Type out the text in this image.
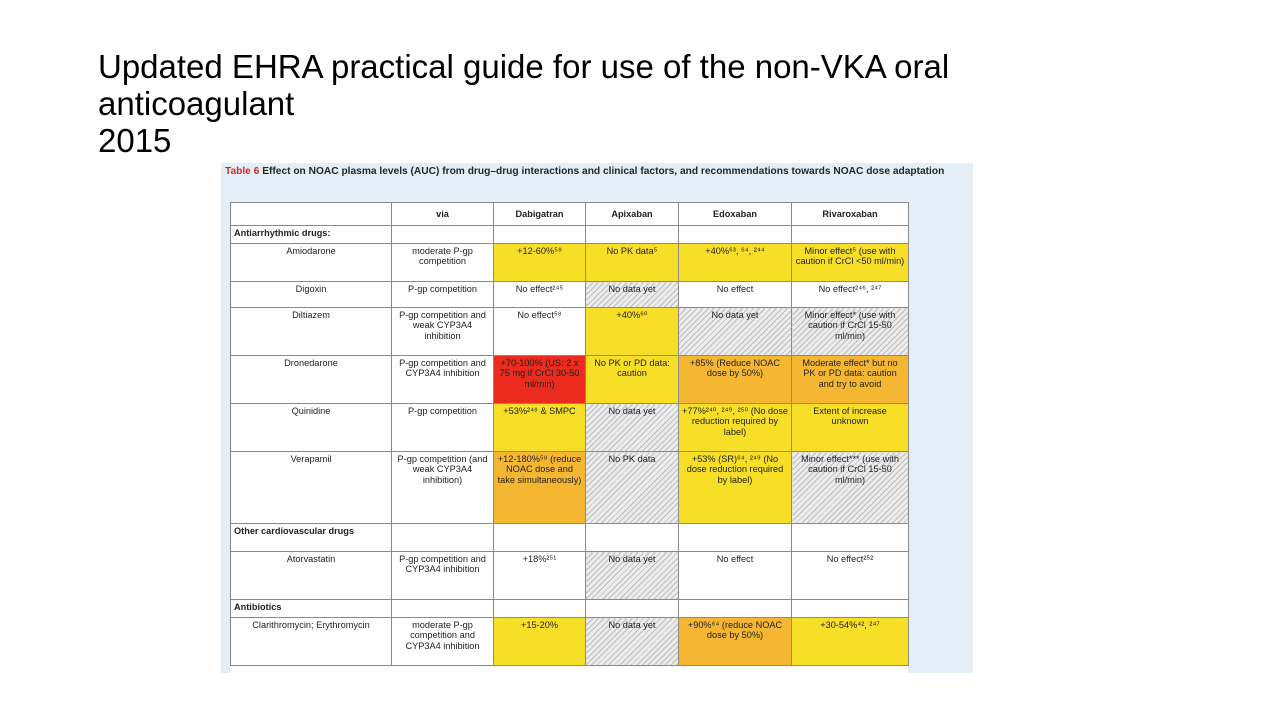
Updated EHRA practical guide for use of the non-VKA oral
anticoagulant
2015
Table 6 Effect on NOAC plasma levels (AUC) from drug–drug interactions and clinical factors, and recommendations towards NOAC dose adaptation
	via	Dabigatran	Apixaban	Edoxaban	Rivaroxaban
Antiarrhythmic drugs:					
Amiodarone	moderate P-gp competition	+12-60%⁵⁸	No PK data⁵	+40%⁶³, ⁶⁴, ²⁴⁴	Minor effect⁵ (use with caution if CrCl <50 ml/min)
Digoxin	P-gp competition	No effect²⁴⁵	No data yet	No effect	No effect²⁴⁶, ²⁴⁷
Diltiazem	P-gp competition and weak CYP3A4 inhibition	No effect⁵⁸	+40%⁶⁰	No data yet	Minor effect* (use with caution if CrCl 15-50 ml/min)
Dronedarone	P-gp competition and CYP3A4 inhibition	+70-100% (US: 2 x 75 mg if CrCl 30-50 ml/min)	No PK or PD data: caution	+85% (Reduce NOAC dose by 50%)	Moderate effect* but no PK or PD data: caution and try to avoid
Quinidine	P-gp competition	+53%²⁴⁸ & SMPC	No data yet	+77%²⁴⁰, ²⁴⁹, ²⁵⁰ (No dose reduction required by label)	Extent of increase unknown
Verapamil	P-gp competition (and weak CYP3A4 inhibition)	+12-180%⁵⁸ (reduce NOAC dose and take simultaneously)	No PK data	+53% (SR)⁶⁴, ²⁴⁹ (No dose reduction required by label)	Minor effect*** (use with caution if CrCl 15-50 ml/min)
Other cardiovascular drugs					
Atorvastatin	P-gp competition and CYP3A4 inhibition	+18%²⁵¹	No data yet	No effect	No effect²⁵²
Antibiotics					
Clarithromycin; Erythromycin	moderate P-gp competition and CYP3A4 inhibition	+15-20%	No data yet	+90%⁶⁴ (reduce NOAC dose by 50%)	+30-54%⁴², ²⁴⁷
